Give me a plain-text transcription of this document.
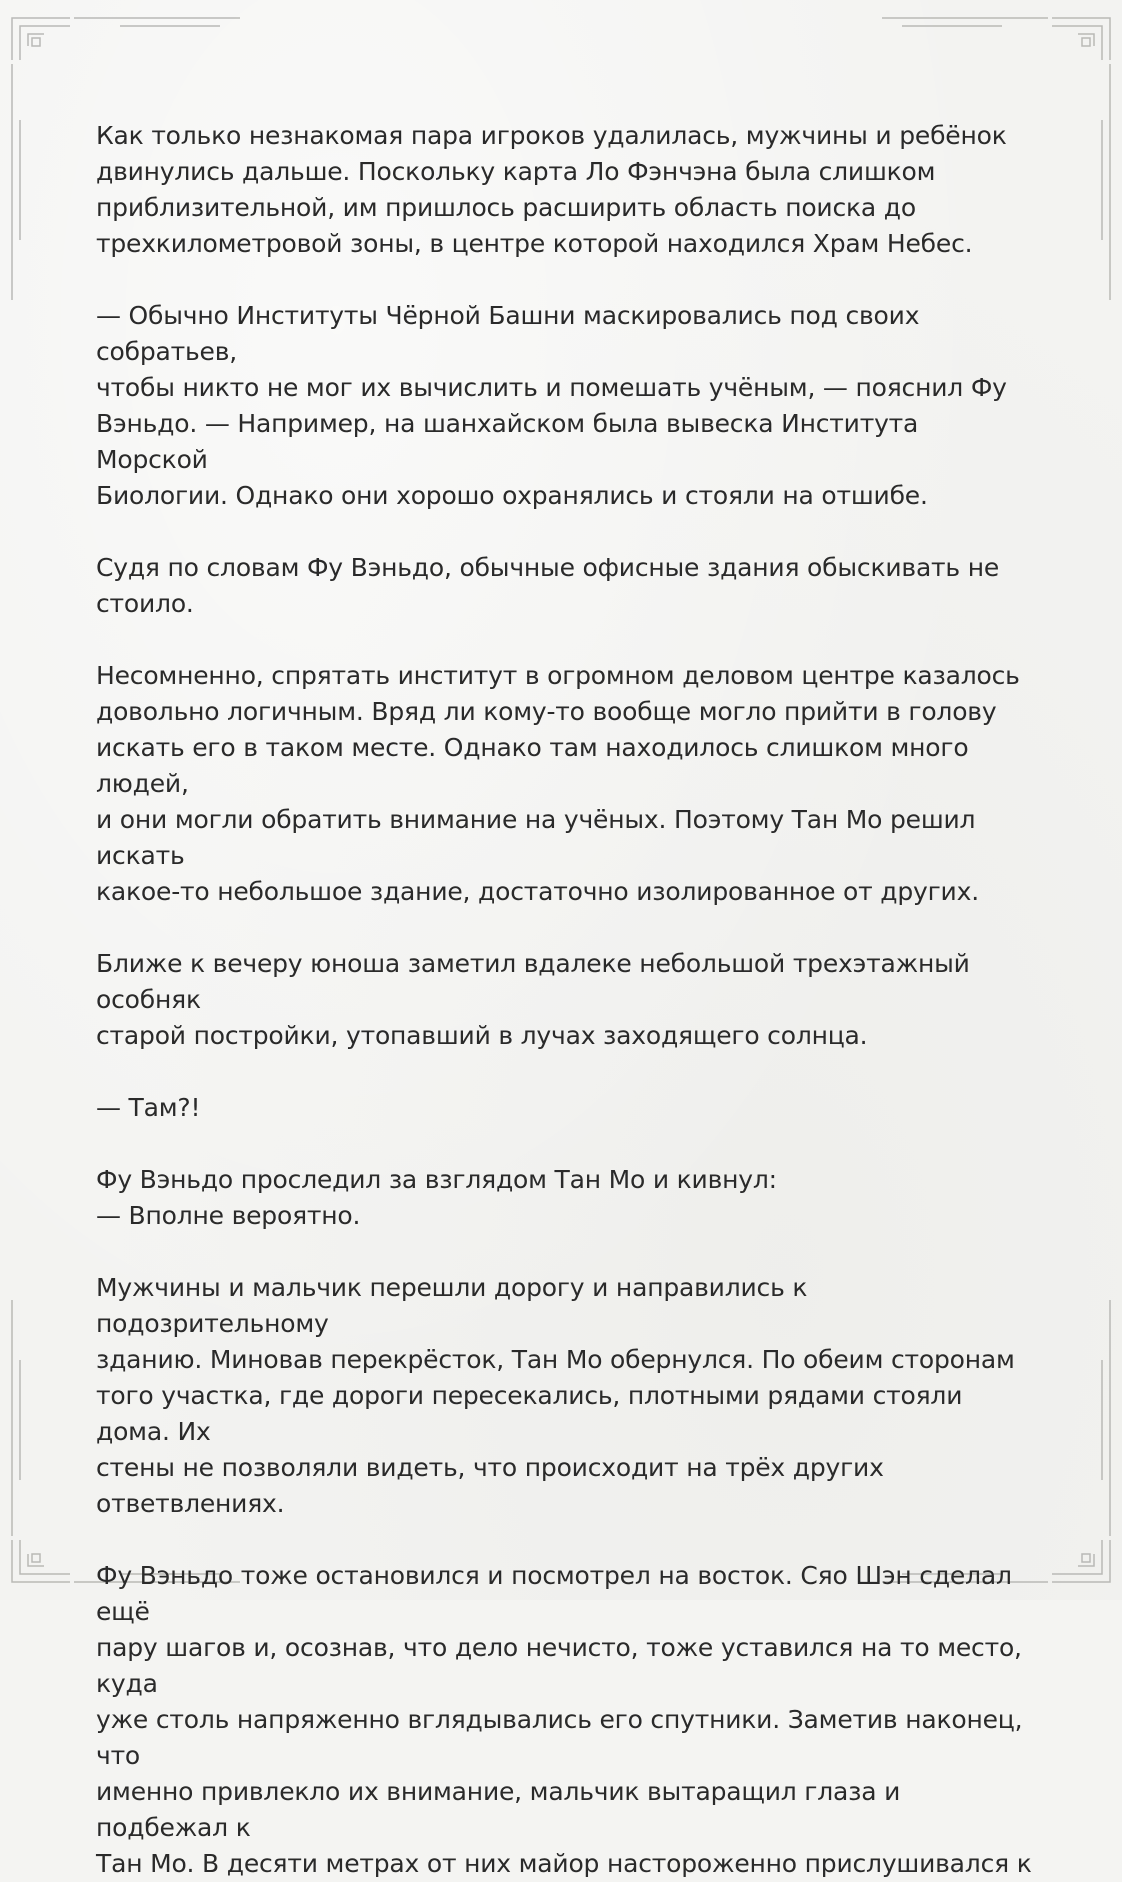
Как только незнакомая пара игроков удалилась, мужчины и ребёнок
двинулись дальше. Поскольку карта Ло Фэнчэна была слишком
приблизительной, им пришлось расширить область поиска до
трехкилометровой зоны, в центре которой находился Храм Небес.

— Обычно Институты Чёрной Башни маскировались под своих собратьев,
чтобы никто не мог их вычислить и помешать учёным, — пояснил Фу
Вэньдо. — Например, на шанхайском была вывеска Института Морской
Биологии. Однако они хорошо охранялись и стояли на отшибе.

Судя по словам Фу Вэньдо, обычные офисные здания обыскивать не
стоило.

Несомненно, спрятать институт в огромном деловом центре казалось
довольно логичным. Вряд ли кому-то вообще могло прийти в голову
искать его в таком месте. Однако там находилось слишком много людей,
и они могли обратить внимание на учёных. Поэтому Тан Мо решил искать
какое-то небольшое здание, достаточно изолированное от других.

Ближе к вечеру юноша заметил вдалеке небольшой трехэтажный особняк
старой постройки, утопавший в лучах заходящего солнца.

— Там?!

Фу Вэньдо проследил за взглядом Тан Мо и кивнул:
— Вполне вероятно.

Мужчины и мальчик перешли дорогу и направились к подозрительному
зданию. Миновав перекрёсток, Тан Мо обернулся. По обеим сторонам
того участка, где дороги пересекались, плотными рядами стояли дома. Их
стены не позволяли видеть, что происходит на трёх других ответвлениях.

Фу Вэньдо тоже остановился и посмотрел на восток. Сяо Шэн сделал ещё
пару шагов и, осознав, что дело нечисто, тоже уставился на то место, куда
уже столь напряженно вглядывались его спутники. Заметив наконец, что
именно привлекло их внимание, мальчик вытаращил глаза и подбежал к
Тан Мо. В десяти метрах от них майор настороженно прислушивался к
